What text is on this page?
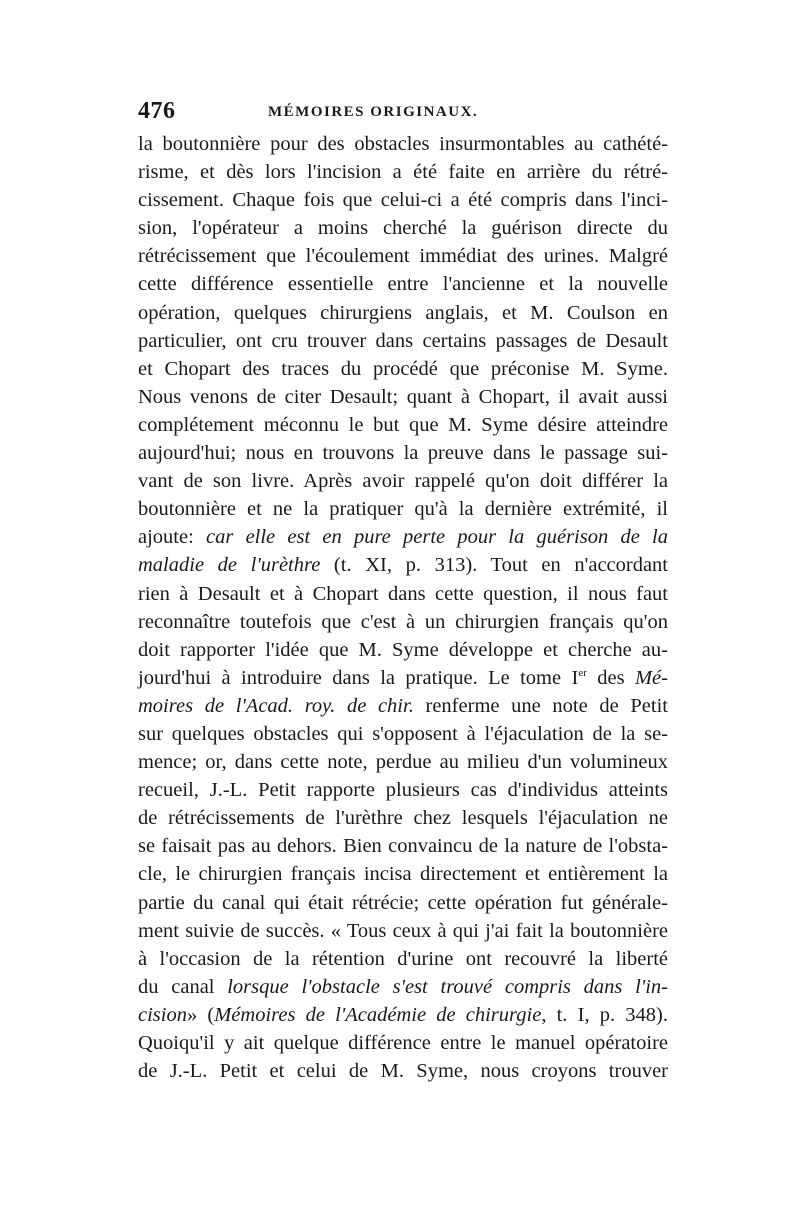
476	MÉMOIRES ORIGINAUX.
la boutonnière pour des obstacles insurmontables au cathété-
risme, et dès lors l'incision a été faite en arrière du rétré-
cissement. Chaque fois que celui-ci a été compris dans l'inci-
sion, l'opérateur a moins cherché la guérison directe du
rétrécissement que l'écoulement immédiat des urines. Malgré
cette différence essentielle entre l'ancienne et la nouvelle
opération, quelques chirurgiens anglais, et M. Coulson en
particulier, ont cru trouver dans certains passages de Desault
et Chopart des traces du procédé que préconise M. Syme.
Nous venons de citer Desault; quant à Chopart, il avait aussi
complétement méconnu le but que M. Syme désire atteindre
aujourd'hui; nous en trouvons la preuve dans le passage sui-
vant de son livre. Après avoir rappelé qu'on doit différer la
boutonnière et ne la pratiquer qu'à la dernière extrémité, il
ajoute: car elle est en pure perte pour la guérison de la
maladie de l'urèthre (t. XI, p. 313). Tout en n'accordant
rien à Desault et à Chopart dans cette question, il nous faut
reconnaître toutefois que c'est à un chirurgien français qu'on
doit rapporter l'idée que M. Syme développe et cherche au-
jourd'hui à introduire dans la pratique. Le tome Ier des Mé-
moires de l'Acad. roy. de chir. renferme une note de Petit
sur quelques obstacles qui s'opposent à l'éjaculation de la se-
mence; or, dans cette note, perdue au milieu d'un volumineux
recueil, J.-L. Petit rapporte plusieurs cas d'individus atteints
de rétrécissements de l'urèthre chez lesquels l'éjaculation ne
se faisait pas au dehors. Bien convaincu de la nature de l'obsta-
cle, le chirurgien français incisa directement et entièrement la
partie du canal qui était rétrécie; cette opération fut générale-
ment suivie de succès. « Tous ceux à qui j'ai fait la boutonnière
à l'occasion de la rétention d'urine ont recouvré la liberté
du canal lorsque l'obstacle s'est trouvé compris dans l'in-
cision» (Mémoires de l'Académie de chirurgie, t. I, p. 348).
Quoiqu'il y ait quelque différence entre le manuel opératoire
de J.-L. Petit et celui de M. Syme, nous croyons trouver
